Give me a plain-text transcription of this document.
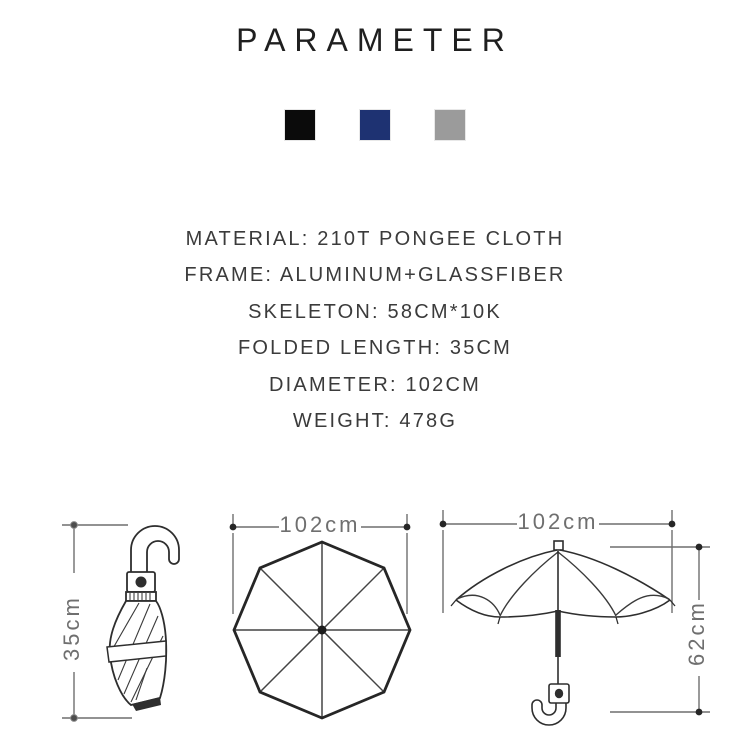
PARAMETER
MATERIAL: 210T PONGEE CLOTH
FRAME: ALUMINUM+GLASSFIBER
SKELETON: 58CM*10K
FOLDED LENGTH: 35CM
DIAMETER: 102CM
WEIGHT: 478G
35cm
102cm	102cm
62cm
